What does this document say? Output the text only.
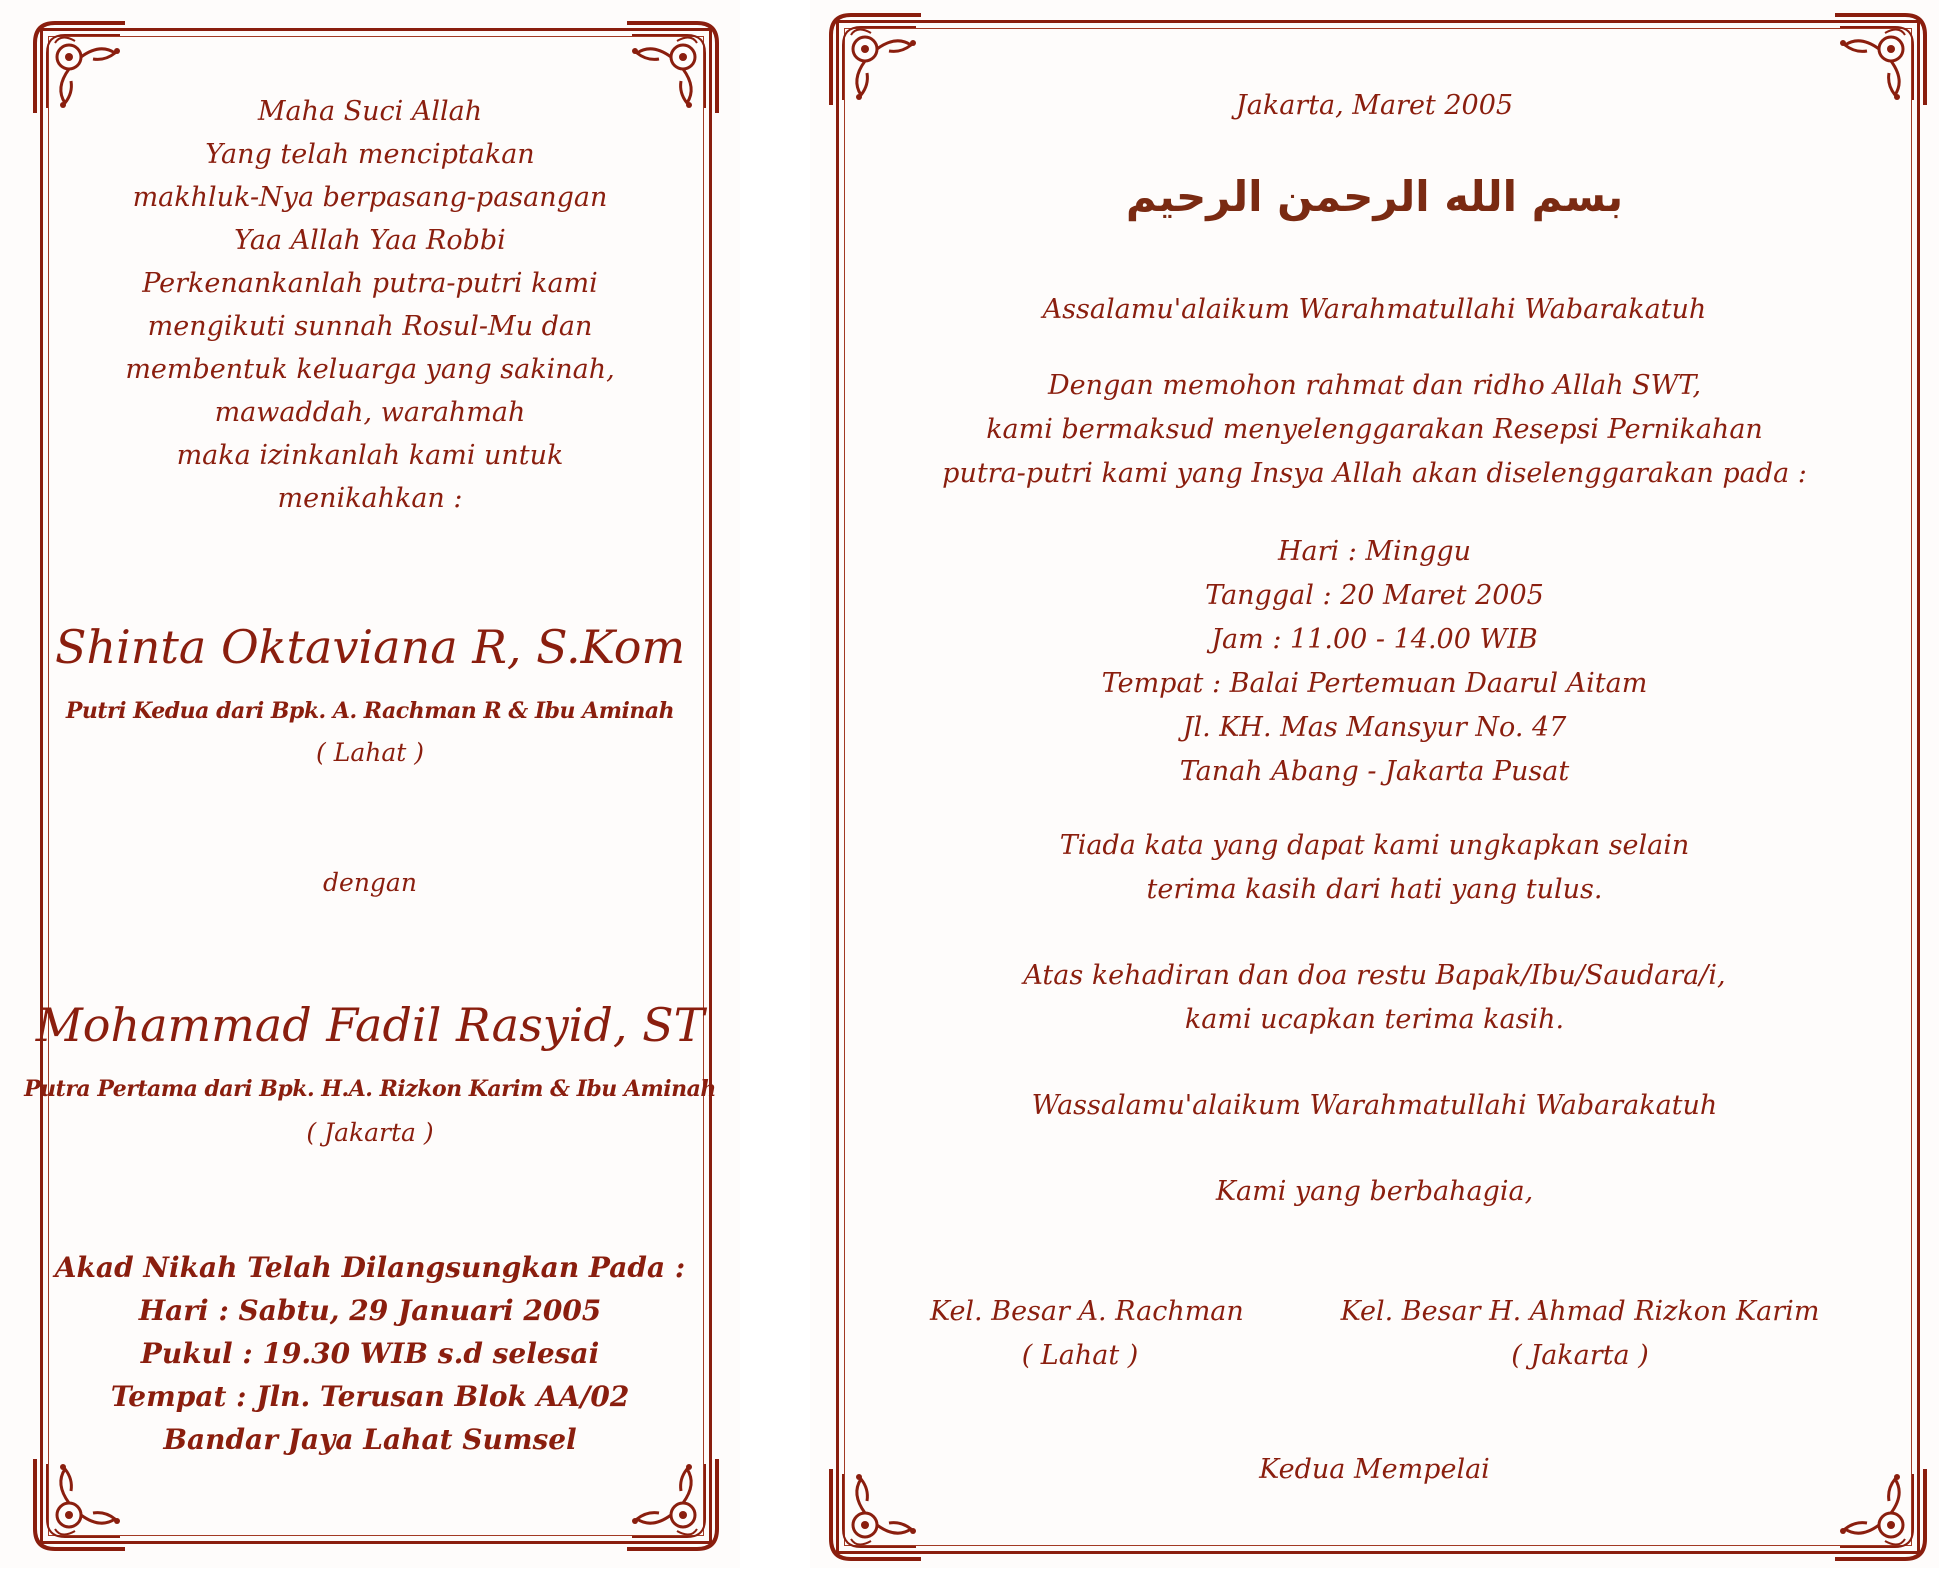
Maha Suci Allah
Yang telah menciptakan
makhluk-Nya berpasang-pasangan
Yaa Allah Yaa Robbi
Perkenankanlah putra-putri kami
mengikuti sunnah Rosul-Mu dan
membentuk keluarga yang sakinah,
mawaddah, warahmah
maka izinkanlah kami untuk
menikahkan :
Shinta Oktaviana R, S.Kom
Putri Kedua dari Bpk. A. Rachman R & Ibu Aminah
( Lahat )
dengan
Mohammad Fadil Rasyid, ST
Putra Pertama dari Bpk. H.A. Rizkon Karim & Ibu Aminah
( Jakarta )
Akad Nikah Telah Dilangsungkan Pada :
Hari : Sabtu, 29 Januari 2005
Pukul : 19.30 WIB s.d selesai
Tempat : Jln. Terusan Blok AA/02
Bandar Jaya Lahat Sumsel
Jakarta, Maret 2005
بسم الله الرحمن الرحيم
Assalamu'alaikum Warahmatullahi Wabarakatuh
Dengan memohon rahmat dan ridho Allah SWT,
kami bermaksud menyelenggarakan Resepsi Pernikahan
putra-putri kami yang Insya Allah akan diselenggarakan pada :
Hari : Minggu
Tanggal : 20 Maret 2005
Jam : 11.00 - 14.00 WIB
Tempat : Balai Pertemuan Daarul Aitam
Jl. KH. Mas Mansyur No. 47
Tanah Abang - Jakarta Pusat
Tiada kata yang dapat kami ungkapkan selain
terima kasih dari hati yang tulus.
Atas kehadiran dan doa restu Bapak/Ibu/Saudara/i,
kami ucapkan terima kasih.
Wassalamu'alaikum Warahmatullahi Wabarakatuh
Kami yang berbahagia,
Kel. Besar A. Rachman
( Lahat )
Kel. Besar H. Ahmad Rizkon Karim
( Jakarta )
Kedua Mempelai
